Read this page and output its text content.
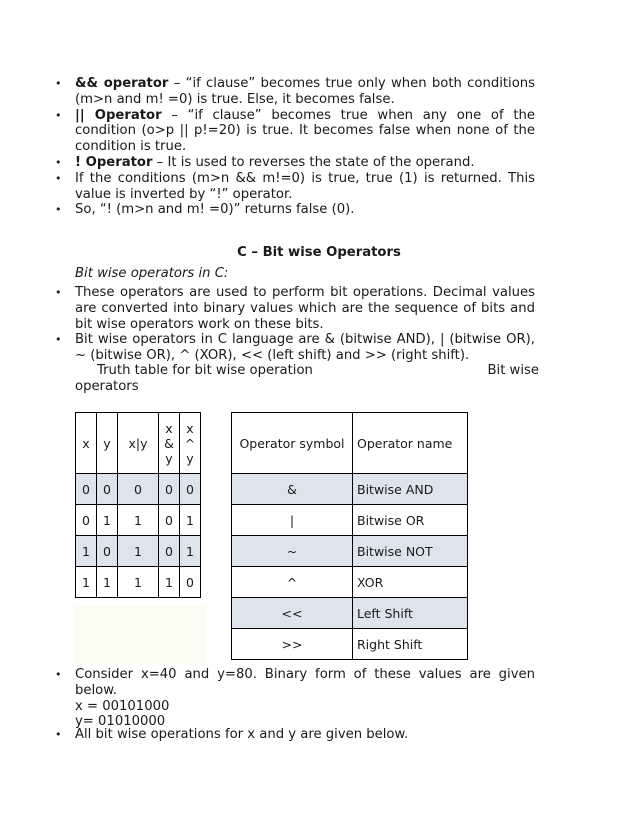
• && operator – “if clause” becomes true only when both conditions (m>n and m! =0) is true. Else, it becomes false.
• || Operator – “if clause” becomes true when any one of the condition (o>p || p!=20) is true. It becomes false when none of the condition is true.
• ! Operator – It is used to reverses the state of the operand.
• If the conditions (m>n && m!=0) is true, true (1) is returned. This value is inverted by “!” operator.
• So, “! (m>n and m! =0)” returns false (0).
C – Bit wise Operators
Bit wise operators in C:
• These operators are used to perform bit operations. Decimal values are converted into binary values which are the sequence of bits and bit wise operators work on these bits.
• Bit wise operators in C language are & (bitwise AND), | (bitwise OR), ~ (bitwise OR), ^ (XOR), << (left shift) and >> (right shift).
Truth table for bit wise operation	Bit wise

operators
x	y	x|y	x & y	x ^ y
0	0	0	0	0
0	1	1	0	1
1	0	1	0	1
1	1	1	1	0
Operator symbol	Operator name
&	Bitwise AND
|	Bitwise OR
~	Bitwise NOT
^	XOR
<<	Left Shift
>>	Right Shift
• Consider x=40 and y=80. Binary form of these values are given below.
x = 00101000
y= 01010000
• All bit wise operations for x and y are given below.
